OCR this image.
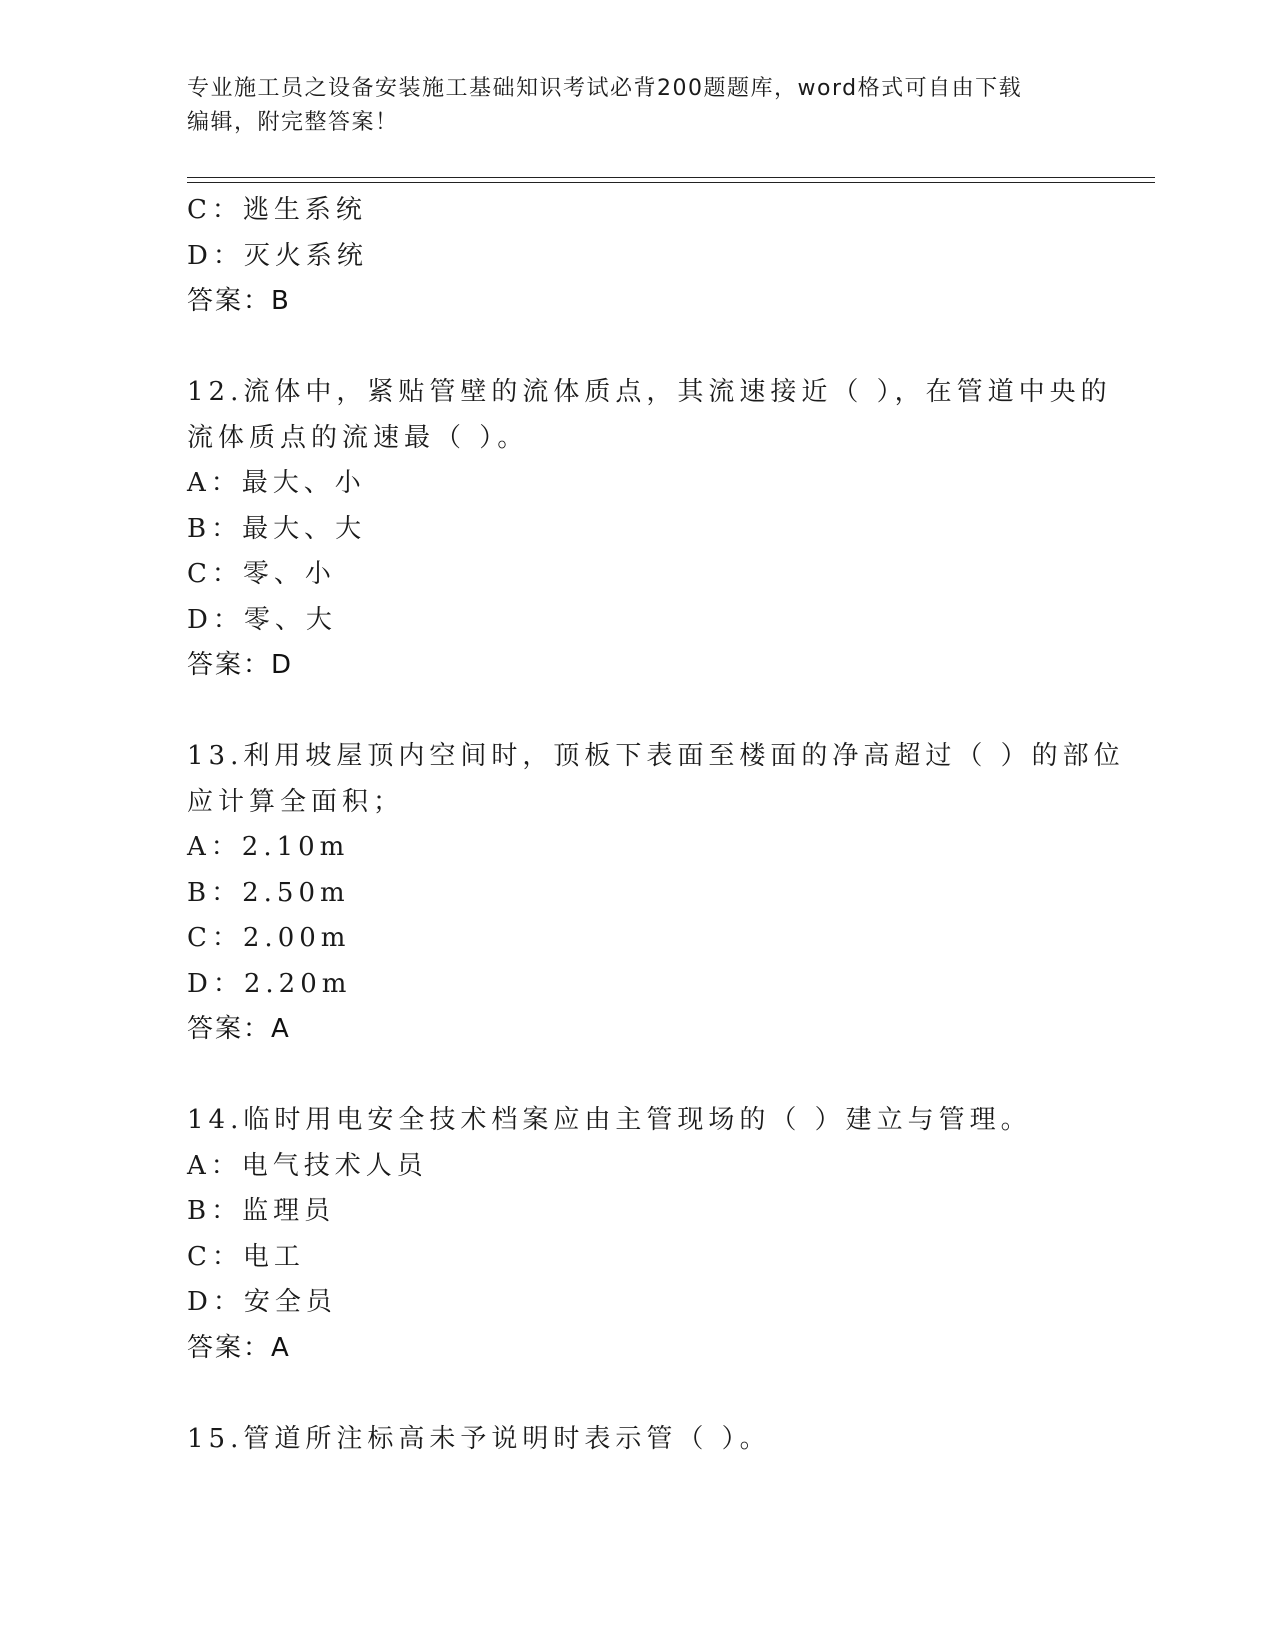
专业施工员之设备安装施工基础知识考试必背200题题库，word格式可自由下载
编辑，附完整答案！
C：逃生系统
D：灭火系统
答案：B
12.流体中，紧贴管壁的流体质点，其流速接近（ ），在管道中央的
流体质点的流速最（ ）。
A：最大、小
B：最大、大
C：零、小
D：零、大
答案：D
13.利用坡屋顶内空间时，顶板下表面至楼面的净高超过（ ）的部位
应计算全面积；
A：2.10m
B：2.50m
C：2.00m
D：2.20m
答案：A
14.临时用电安全技术档案应由主管现场的（ ）建立与管理。
A：电气技术人员
B：监理员
C：电工
D：安全员
答案：A
15.管道所注标高未予说明时表示管（ ）。
